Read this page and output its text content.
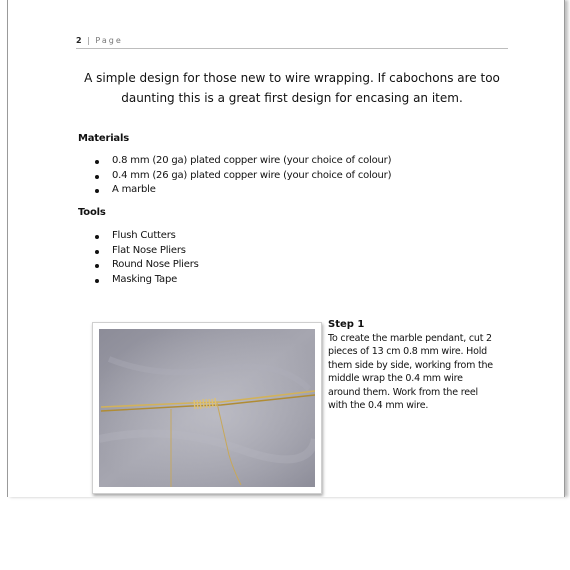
2 | Page
A simple design for those new to wire wrapping. If cabochons are too daunting this is a great first design for encasing an item.
Materials
0.8 mm (20 ga) plated copper wire (your choice of colour)
0.4 mm (26 ga) plated copper wire (your choice of colour)
A marble
Tools
Flush Cutters
Flat Nose Pliers
Round Nose Pliers
Masking Tape
Step 1
To create the marble pendant, cut 2 pieces of 13 cm 0.8 mm wire. Hold them side by side, working from the middle wrap the 0.4 mm wire around them. Work from the reel with the 0.4 mm wire.
